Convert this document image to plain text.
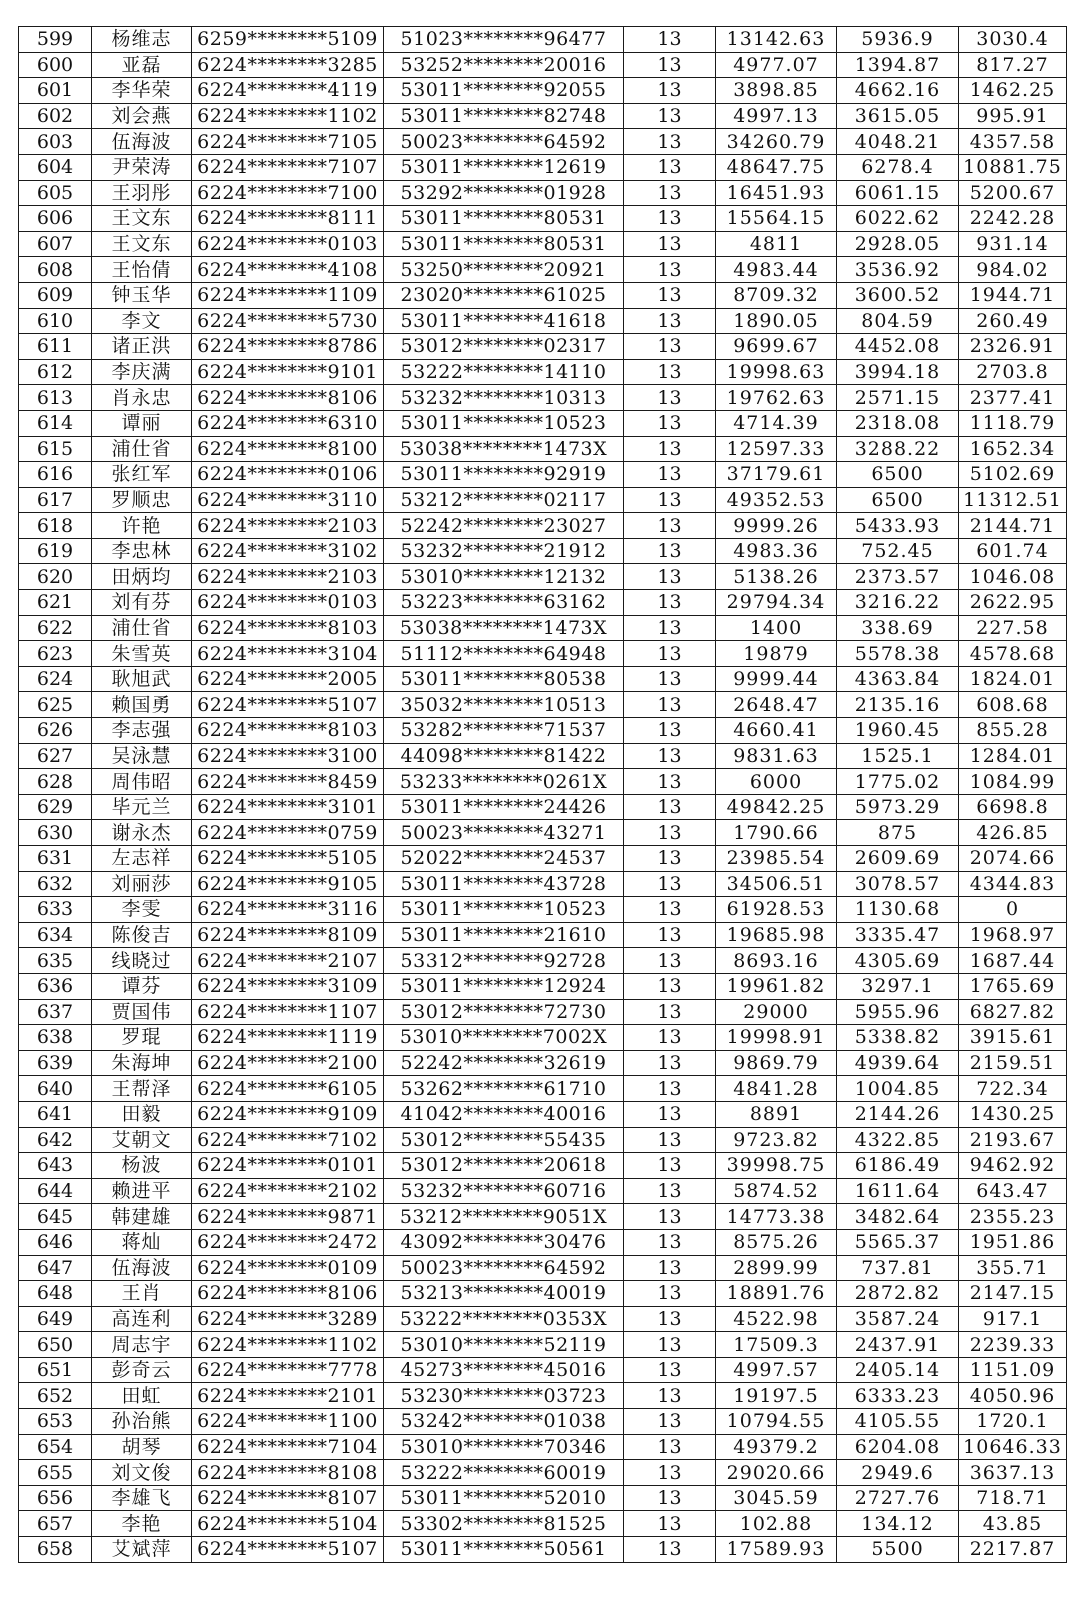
599	杨维志	6259********5109	51023********96477	13	13142.63	5936.9	3030.4
600	亚磊	6224********3285	53252********20016	13	4977.07	1394.87	817.27
601	李华荣	6224********4119	53011********92055	13	3898.85	4662.16	1462.25
602	刘会燕	6224********1102	53011********82748	13	4997.13	3615.05	995.91
603	伍海波	6224********7105	50023********64592	13	34260.79	4048.21	4357.58
604	尹荣涛	6224********7107	53011********12619	13	48647.75	6278.4	10881.75
605	王羽彤	6224********7100	53292********01928	13	16451.93	6061.15	5200.67
606	王文东	6224********8111	53011********80531	13	15564.15	6022.62	2242.28
607	王文东	6224********0103	53011********80531	13	4811	2928.05	931.14
608	王怡倩	6224********4108	53250********20921	13	4983.44	3536.92	984.02
609	钟玉华	6224********1109	23020********61025	13	8709.32	3600.52	1944.71
610	李文	6224********5730	53011********41618	13	1890.05	804.59	260.49
611	诸正洪	6224********8786	53012********02317	13	9699.67	4452.08	2326.91
612	李庆满	6224********9101	53222********14110	13	19998.63	3994.18	2703.8
613	肖永忠	6224********8106	53232********10313	13	19762.63	2571.15	2377.41
614	谭丽	6224********6310	53011********10523	13	4714.39	2318.08	1118.79
615	浦仕省	6224********8100	53038********1473X	13	12597.33	3288.22	1652.34
616	张红军	6224********0106	53011********92919	13	37179.61	6500	5102.69
617	罗顺忠	6224********3110	53212********02117	13	49352.53	6500	11312.51
618	许艳	6224********2103	52242********23027	13	9999.26	5433.93	2144.71
619	李忠林	6224********3102	53232********21912	13	4983.36	752.45	601.74
620	田炳均	6224********2103	53010********12132	13	5138.26	2373.57	1046.08
621	刘有芬	6224********0103	53223********63162	13	29794.34	3216.22	2622.95
622	浦仕省	6224********8103	53038********1473X	13	1400	338.69	227.58
623	朱雪英	6224********3104	51112********64948	13	19879	5578.38	4578.68
624	耿旭武	6224********2005	53011********80538	13	9999.44	4363.84	1824.01
625	赖国勇	6224********5107	35032********10513	13	2648.47	2135.16	608.68
626	李志强	6224********8103	53282********71537	13	4660.41	1960.45	855.28
627	吴泳慧	6224********3100	44098********81422	13	9831.63	1525.1	1284.01
628	周伟昭	6224********8459	53233********0261X	13	6000	1775.02	1084.99
629	毕元兰	6224********3101	53011********24426	13	49842.25	5973.29	6698.8
630	谢永杰	6224********0759	50023********43271	13	1790.66	875	426.85
631	左志祥	6224********5105	52022********24537	13	23985.54	2609.69	2074.66
632	刘丽莎	6224********9105	53011********43728	13	34506.51	3078.57	4344.83
633	李雯	6224********3116	53011********10523	13	61928.53	1130.68	0
634	陈俊吉	6224********8109	53011********21610	13	19685.98	3335.47	1968.97
635	线晓过	6224********2107	53312********92728	13	8693.16	4305.69	1687.44
636	谭芬	6224********3109	53011********12924	13	19961.82	3297.1	1765.69
637	贾国伟	6224********1107	53012********72730	13	29000	5955.96	6827.82
638	罗琨	6224********1119	53010********7002X	13	19998.91	5338.82	3915.61
639	朱海坤	6224********2100	52242********32619	13	9869.79	4939.64	2159.51
640	王帮泽	6224********6105	53262********61710	13	4841.28	1004.85	722.34
641	田毅	6224********9109	41042********40016	13	8891	2144.26	1430.25
642	艾朝文	6224********7102	53012********55435	13	9723.82	4322.85	2193.67
643	杨波	6224********0101	53012********20618	13	39998.75	6186.49	9462.92
644	赖进平	6224********2102	53232********60716	13	5874.52	1611.64	643.47
645	韩建雄	6224********9871	53212********9051X	13	14773.38	3482.64	2355.23
646	蒋灿	6224********2472	43092********30476	13	8575.26	5565.37	1951.86
647	伍海波	6224********0109	50023********64592	13	2899.99	737.81	355.71
648	王肖	6224********8106	53213********40019	13	18891.76	2872.82	2147.15
649	高连利	6224********3289	53222********0353X	13	4522.98	3587.24	917.1
650	周志宇	6224********1102	53010********52119	13	17509.3	2437.91	2239.33
651	彭奇云	6224********7778	45273********45016	13	4997.57	2405.14	1151.09
652	田虹	6224********2101	53230********03723	13	19197.5	6333.23	4050.96
653	孙治熊	6224********1100	53242********01038	13	10794.55	4105.55	1720.1
654	胡琴	6224********7104	53010********70346	13	49379.2	6204.08	10646.33
655	刘文俊	6224********8108	53222********60019	13	29020.66	2949.6	3637.13
656	李雄飞	6224********8107	53011********52010	13	3045.59	2727.76	718.71
657	李艳	6224********5104	53302********81525	13	102.88	134.12	43.85
658	艾斌萍	6224********5107	53011********50561	13	17589.93	5500	2217.87
